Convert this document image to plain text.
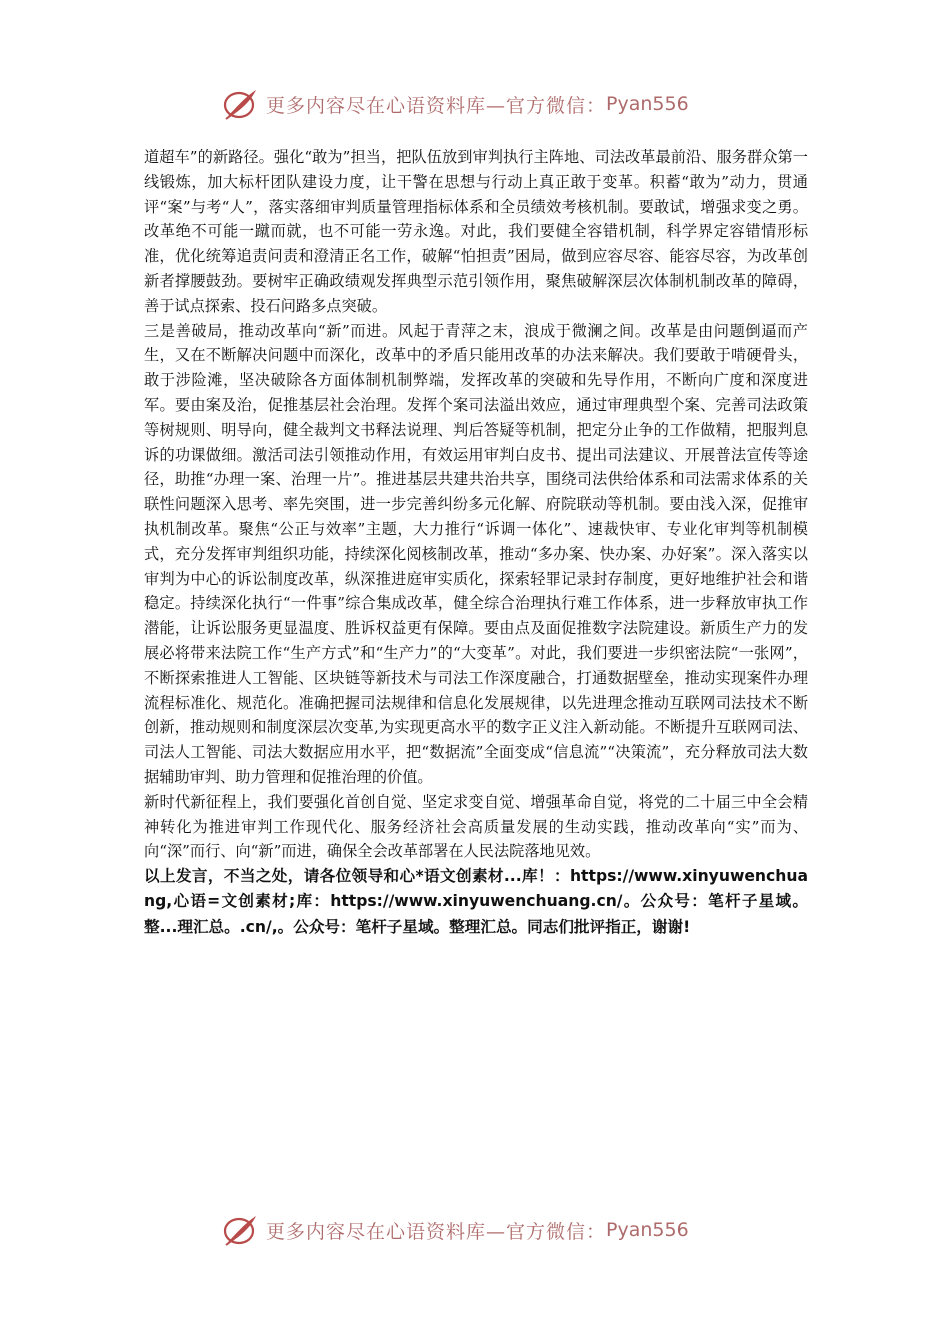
更多内容尽在心语资料库—官方微信： Pyan556

道超车”的新路径。强化“敢为”担当，把队伍放到审判执行主阵地、司法改革最前沿、服务群众第一线锻炼，加大标杆团队建设力度，让干警在思想与行动上真正敢于变革。积蓄“敢为”动力，贯通评“案”与考“人”，落实落细审判质量管理指标体系和全员绩效考核机制。要敢试，增强求变之勇。改革绝不可能一蹴而就，也不可能一劳永逸。对此，我们要健全容错机制，科学界定容错情形标准，优化统筹追责问责和澄清正名工作，破解“怕担责”困局，做到应容尽容、能容尽容，为改革创新者撑腰鼓劲。要树牢正确政绩观发挥典型示范引领作用，聚焦破解深层次体制机制改革的障碍，善于试点探索、投石问路多点突破。

三是善破局，推动改革向“新”而进。风起于青萍之末，浪成于微澜之间。改革是由问题倒逼而产生，又在不断解决问题中而深化，改革中的矛盾只能用改革的办法来解决。我们要敢于啃硬骨头，敢于涉险滩，坚决破除各方面体制机制弊端，发挥改革的突破和先导作用，不断向广度和深度进军。要由案及治，促推基层社会治理。发挥个案司法溢出效应，通过审理典型个案、完善司法政策等树规则、明导向，健全裁判文书释法说理、判后答疑等机制，把定分止争的工作做精，把服判息诉的功课做细。激活司法引领推动作用，有效运用审判白皮书、提出司法建议、开展普法宣传等途径，助推“办理一案、治理一片”。推进基层共建共治共享，围绕司法供给体系和司法需求体系的关联性问题深入思考、率先突围，进一步完善纠纷多元化解、府院联动等机制。要由浅入深，促推审执机制改革。聚焦“公正与效率”主题，大力推行“诉调一体化”、速裁快审、专业化审判等机制模式，充分发挥审判组织功能，持续深化阅核制改革，推动“多办案、快办案、办好案”。深入落实以审判为中心的诉讼制度改革，纵深推进庭审实质化，探索轻罪记录封存制度，更好地维护社会和谐稳定。持续深化执行“一件事”综合集成改革，健全综合治理执行难工作体系，进一步释放审执工作潜能，让诉讼服务更显温度、胜诉权益更有保障。要由点及面促推数字法院建设。新质生产力的发展必将带来法院工作“生产方式”和“生产力”的“大变革”。对此，我们要进一步织密法院“一张网”，不断探索推进人工智能、区块链等新技术与司法工作深度融合，打通数据壁垒，推动实现案件办理流程标准化、规范化。准确把握司法规律和信息化发展规律，以先进理念推动互联网司法技术不断创新，推动规则和制度深层次变革,为实现更高水平的数字正义注入新动能。不断提升互联网司法、司法人工智能、司法大数据应用水平，把“数据流”全面变成“信息流”“决策流”，充分释放司法大数据辅助审判、助力管理和促推治理的价值。

新时代新征程上，我们要强化首创自觉、坚定求变自觉、增强革命自觉，将党的二十届三中全会精神转化为推进审判工作现代化、服务经济社会高质量发展的生动实践，推动改革向“实”而为、向“深”而行、向“新”而进，确保全会改革部署在人民法院落地见效。

以上发言，不当之处，请各位领导和心*语文创素材...库！：https://www.xinyuwenchuang,心语=文创素材;库：https://www.xinyuwenchuang.cn/。公众号：笔杆子星域。整...理汇总。.cn/,。公众号：笔杆子星域。整理汇总。同志们批评指正，谢谢!

更多内容尽在心语资料库—官方微信： Pyan556
